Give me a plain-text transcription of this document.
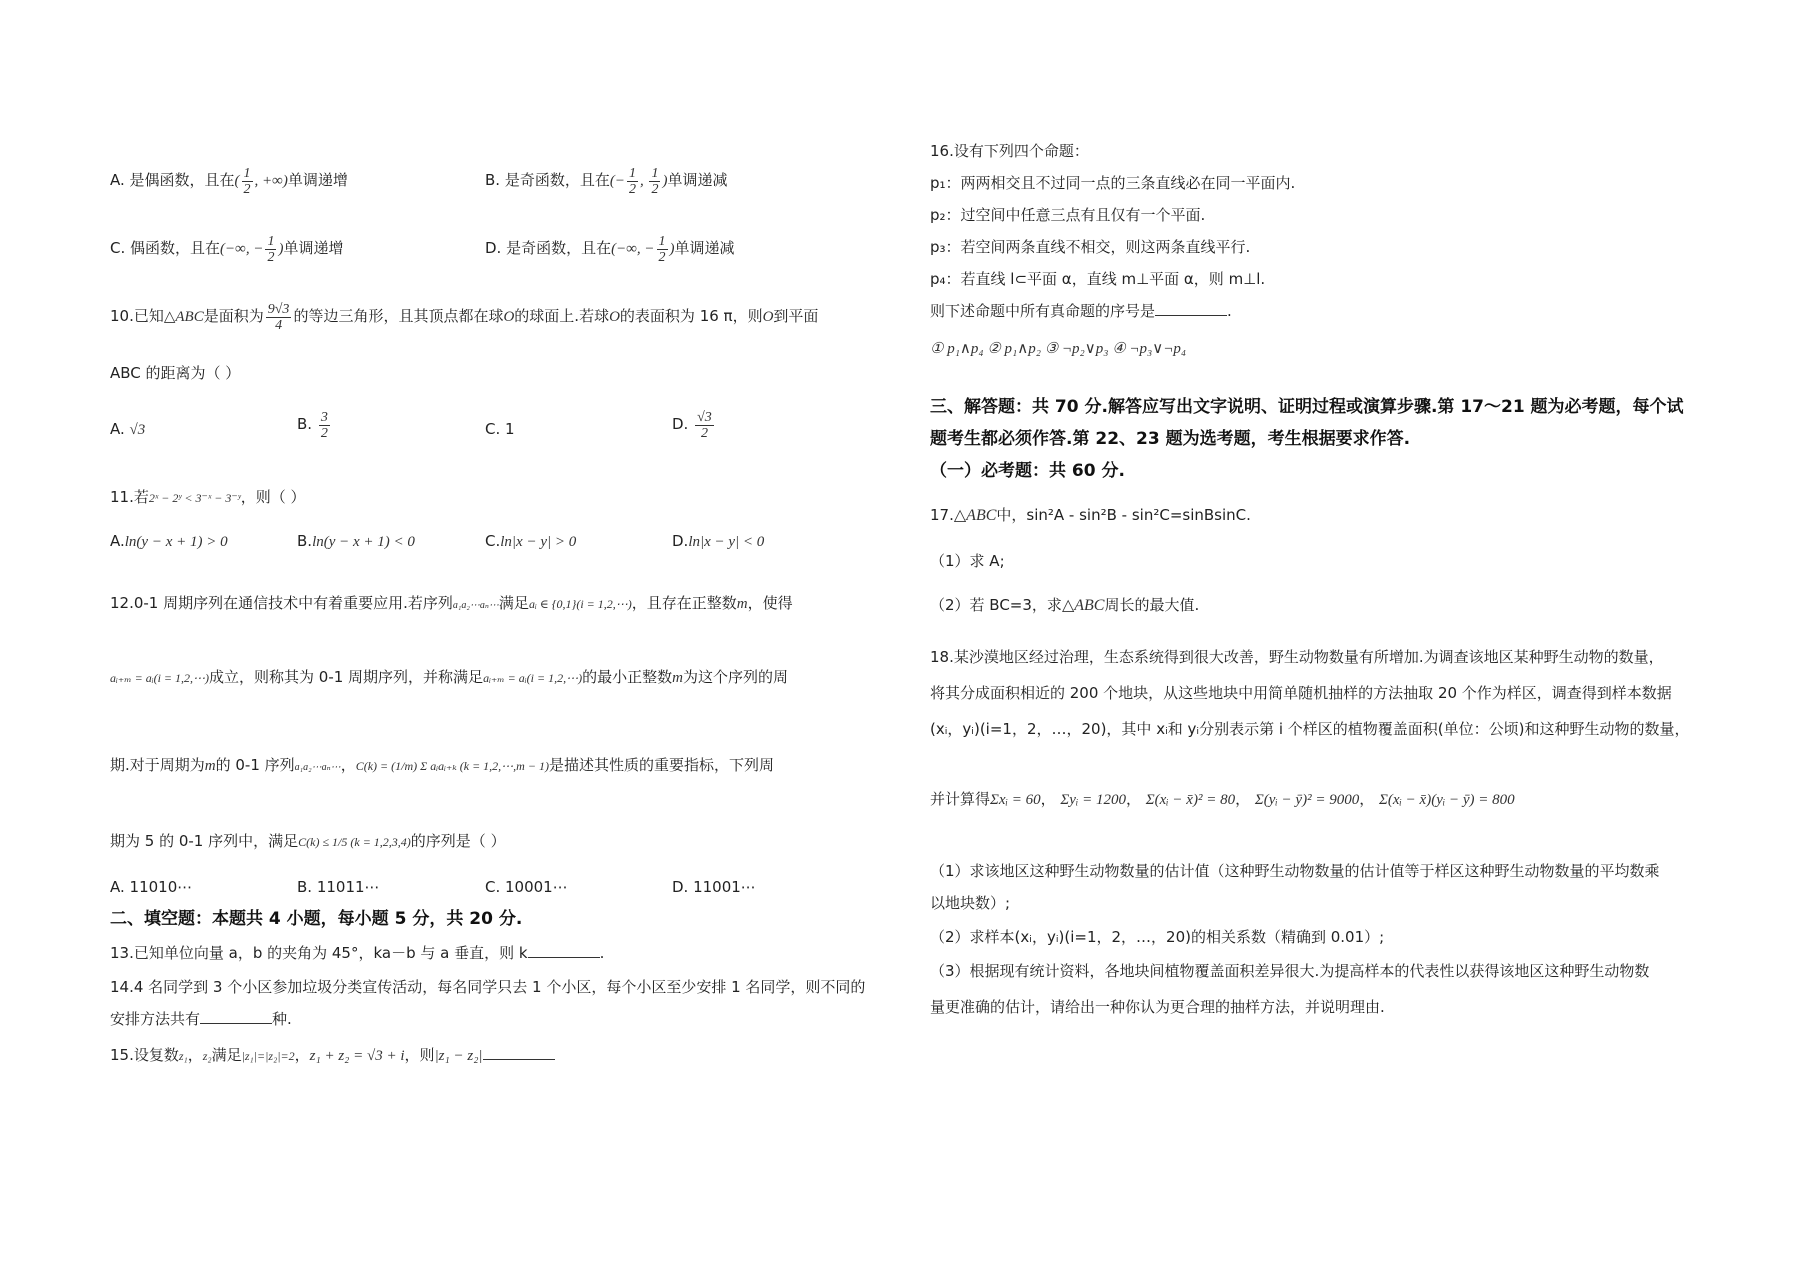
A. 是偶函数，且在( $\frac{1}{2}$ , +∞)单调递增	B. 是奇函数，且在(− $\frac{1}{2}$ , $\frac{1}{2}$ )单调递减
C. 偶函数，且在(−∞, − $\frac{1}{2}$ )单调递增	D. 是奇函数，且在(−∞, − $\frac{1}{2}$ )单调递减
10.已知△ABC是面积为 $\frac{9√3}{4}$ 的等边三角形，且其顶点都在球O的球面上.若球O的表面积为 16 π，则O到平面
ABC 的距离为（ ）
A. √3	B. $\frac{3}{2}$	C. 1	D. $\frac{√3}{2}$
11.若2ˣ − 2ʸ < 3⁻ˣ − 3⁻ʸ，则（ ）
A.ln(y − x + 1) > 0	B.ln(y − x + 1) < 0	C.ln|x − y| > 0	D.ln|x − y| < 0
12.0-1 周期序列在通信技术中有着重要应用.若序列a₁a₂⋯aₙ⋯满足aᵢ ∈ {0,1}(i = 1,2,⋯)，且存在正整数m，使得
aᵢ₊ₘ = aᵢ(i = 1,2,⋯)成立，则称其为 0-1 周期序列，并称满足aᵢ₊ₘ = aᵢ(i = 1,2,⋯)的最小正整数m为这个序列的周
期.对于周期为m的 0-1 序列a₁a₂⋯aₙ⋯，C(k) = (1/m) Σ aᵢaᵢ₊ₖ (k = 1,2,⋯,m − 1)是描述其性质的重要指标，下列周
期为 5 的 0-1 序列中，满足C(k) ≤ 1/5 (k = 1,2,3,4)的序列是（ ）
A. 11010⋯	B. 11011⋯	C. 10001⋯	D. 11001⋯
二、填空题：本题共 4 小题，每小题 5 分，共 20 分.
13.已知单位向量 a，b 的夹角为 45°，ka－b 与 a 垂直，则 k	.
14.4 名同学到 3 个小区参加垃圾分类宣传活动，每名同学只去 1 个小区，每个小区至少安排 1 名同学，则不同的
安排方法共有	种.
15.设复数z₁，z₂满足|z₁|=|z₂|=2，z₁ + z₂ = √3 + i，则|z₁ − z₂|
16.设有下列四个命题：
p₁：两两相交且不过同一点的三条直线必在同一平面内.
p₂：过空间中任意三点有且仅有一个平面.
p₃：若空间两条直线不相交，则这两条直线平行.
p₄：若直线 l⊂平面 α，直线 m⊥平面 α，则 m⊥l.
则下述命题中所有真命题的序号是	.
① p₁∧p₄ ② p₁∧p₂ ③ ¬p₂∨p₃ ④ ¬p₃∨¬p₄
三、解答题：共 70 分.解答应写出文字说明、证明过程或演算步骤.第 17～21 题为必考题，每个试
题考生都必须作答.第 22、23 题为选考题，考生根据要求作答.
（一）必考题：共 60 分.
17.△ABC中，sin²A - sin²B - sin²C=sinBsinC.
（1）求 A;
（2）若 BC=3，求△ABC周长的最大值.
18.某沙漠地区经过治理，生态系统得到很大改善，野生动物数量有所增加.为调查该地区某种野生动物的数量，
将其分成面积相近的 200 个地块，从这些地块中用简单随机抽样的方法抽取 20 个作为样区，调查得到样本数据
(xᵢ，yᵢ)(i=1，2，…，20)，其中 xᵢ和 yᵢ分别表示第 i 个样区的植物覆盖面积(单位：公顷)和这种野生动物的数量，
并计算得Σxᵢ = 60， Σyᵢ = 1200， Σ(xᵢ − x̄)² = 80， Σ(yᵢ − ȳ)² = 9000， Σ(xᵢ − x̄)(yᵢ − ȳ) = 800
（1）求该地区这种野生动物数量的估计值（这种野生动物数量的估计值等于样区这种野生动物数量的平均数乘
以地块数）;
（2）求样本(xᵢ，yᵢ)(i=1，2，…，20)的相关系数（精确到 0.01）;
（3）根据现有统计资料，各地块间植物覆盖面积差异很大.为提高样本的代表性以获得该地区这种野生动物数
量更准确的估计，请给出一种你认为更合理的抽样方法，并说明理由.
